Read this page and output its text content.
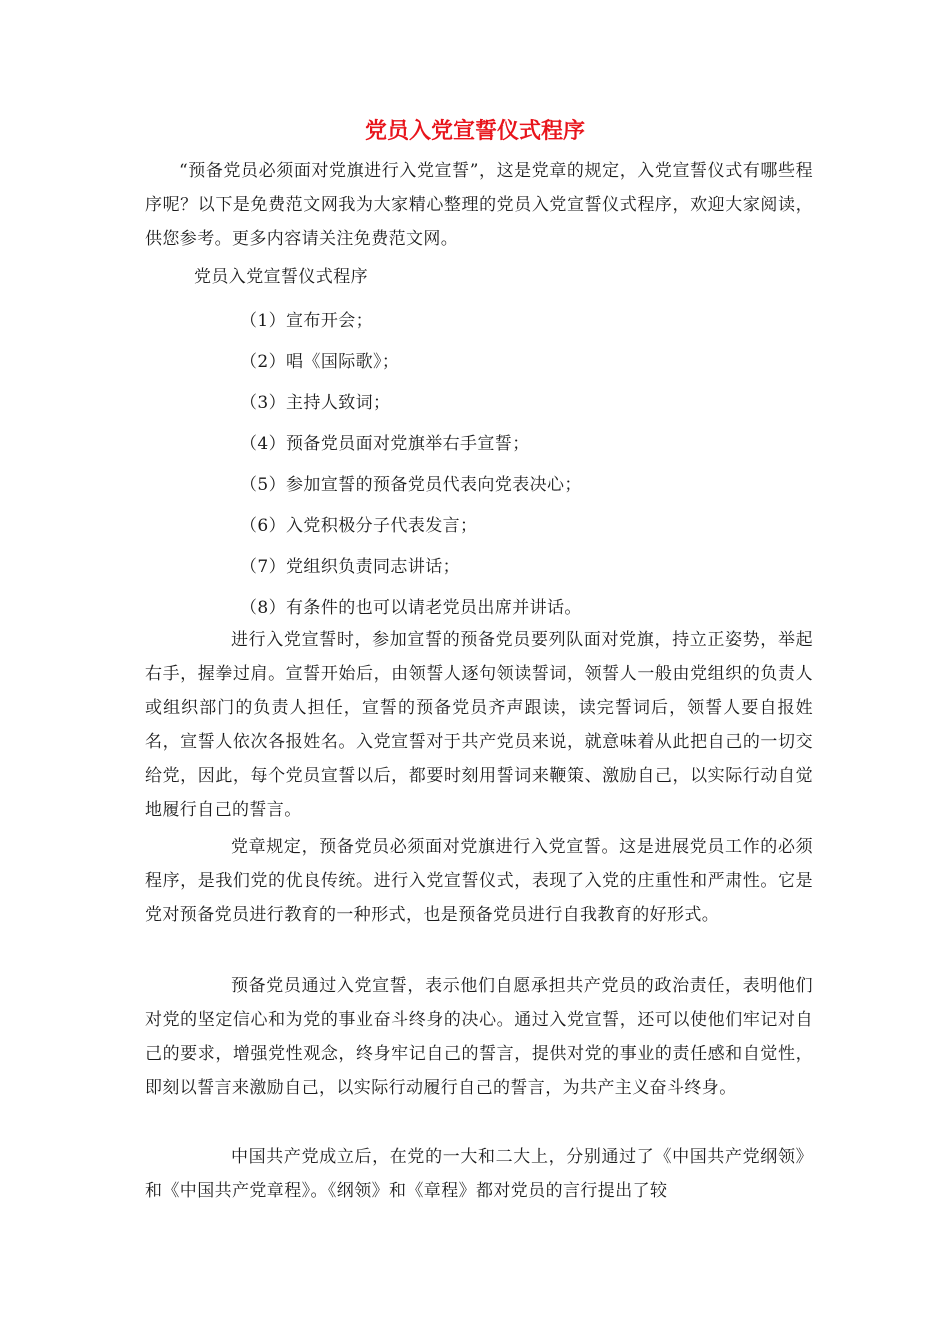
党员入党宣誓仪式程序

“预备党员必须面对党旗进行入党宣誓”，这是党章的规定，入党宣誓仪式有哪些程序呢？以下是免费范文网我为大家精心整理的党员入党宣誓仪式程序，欢迎大家阅读，供您参考。更多内容请关注免费范文网。

党员入党宣誓仪式程序

（1）宣布开会；
（2）唱《国际歌》；
（3）主持人致词；
（4）预备党员面对党旗举右手宣誓；
（5）参加宣誓的预备党员代表向党表决心；
（6）入党积极分子代表发言；
（7）党组织负责同志讲话；
（8）有条件的也可以请老党员出席并讲话。

进行入党宣誓时，参加宣誓的预备党员要列队面对党旗，持立正姿势，举起右手，握拳过肩。宣誓开始后，由领誓人逐句领读誓词，领誓人一般由党组织的负责人或组织部门的负责人担任，宣誓的预备党员齐声跟读，读完誓词后，领誓人要自报姓名，宣誓人依次各报姓名。入党宣誓对于共产党员来说，就意味着从此把自己的一切交给党，因此，每个党员宣誓以后，都要时刻用誓词来鞭策、激励自己，以实际行动自觉地履行自己的誓言。

党章规定，预备党员必须面对党旗进行入党宣誓。这是进展党员工作的必须程序，是我们党的优良传统。进行入党宣誓仪式，表现了入党的庄重性和严肃性。它是党对预备党员进行教育的一种形式，也是预备党员进行自我教育的好形式。

预备党员通过入党宣誓，表示他们自愿承担共产党员的政治责任，表明他们对党的坚定信心和为党的事业奋斗终身的决心。通过入党宣誓，还可以使他们牢记对自己的要求，增强党性观念，终身牢记自己的誓言，提供对党的事业的责任感和自觉性，即刻以誓言来激励自己，以实际行动履行自己的誓言，为共产主义奋斗终身。

中国共产党成立后，在党的一大和二大上，分别通过了《中国共产党纲领》和《中国共产党章程》。《纲领》和《章程》都对党员的言行提出了较
